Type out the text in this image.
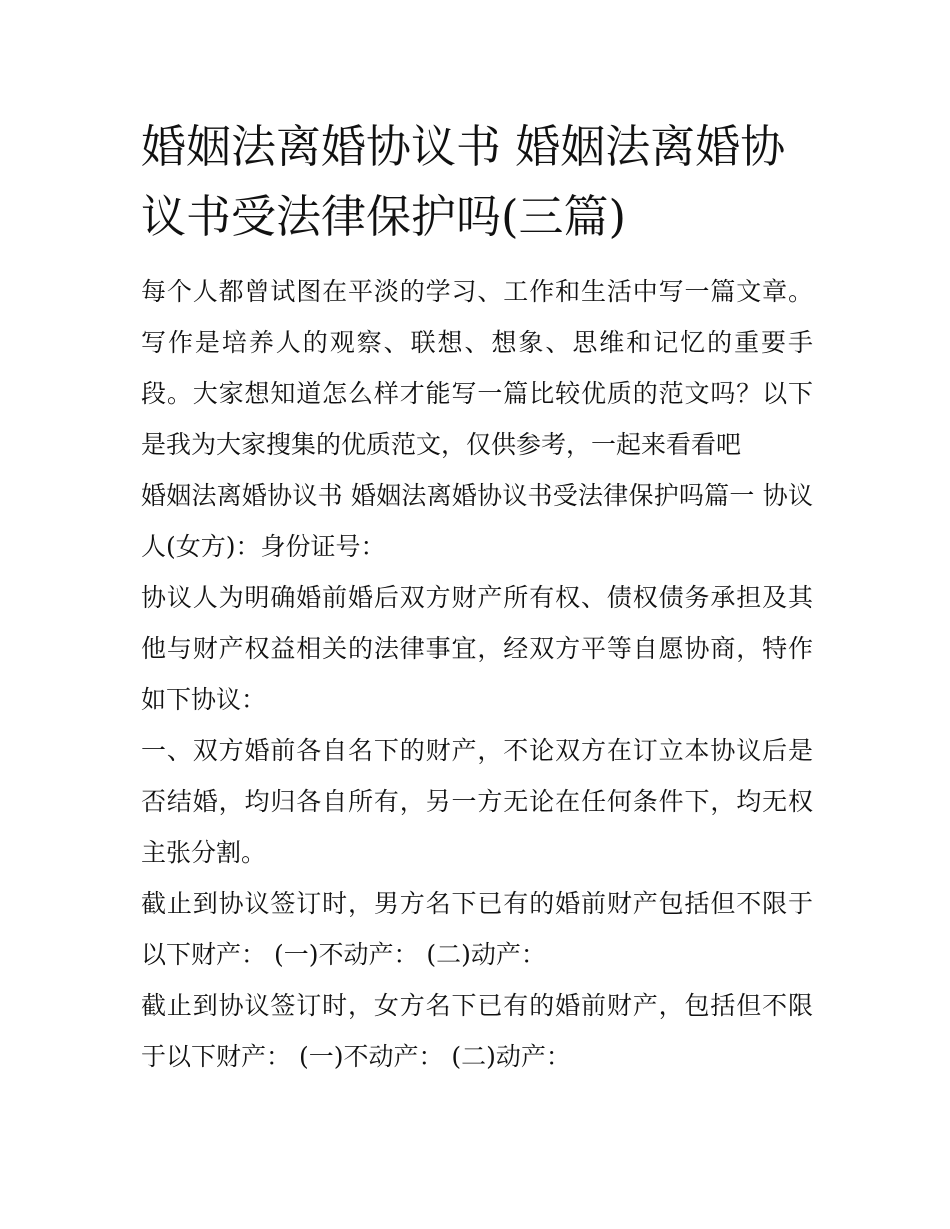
婚姻法离婚协议书 婚姻法离婚协议书受法律保护吗(三篇)

每个人都曾试图在平淡的学习、工作和生活中写一篇文章。写作是培养人的观察、联想、想象、思维和记忆的重要手段。大家想知道怎么样才能写一篇比较优质的范文吗？以下是我为大家搜集的优质范文，仅供参考，一起来看看吧

婚姻法离婚协议书 婚姻法离婚协议书受法律保护吗篇一 协议人(女方)：身份证号：

协议人为明确婚前婚后双方财产所有权、债权债务承担及其他与财产权益相关的法律事宜，经双方平等自愿协商，特作如下协议：

一、双方婚前各自名下的财产，不论双方在订立本协议后是否结婚，均归各自所有，另一方无论在任何条件下，均无权主张分割。

截止到协议签订时，男方名下已有的婚前财产包括但不限于以下财产： (一)不动产： (二)动产：

截止到协议签订时，女方名下已有的婚前财产，包括但不限于以下财产： (一)不动产： (二)动产：
